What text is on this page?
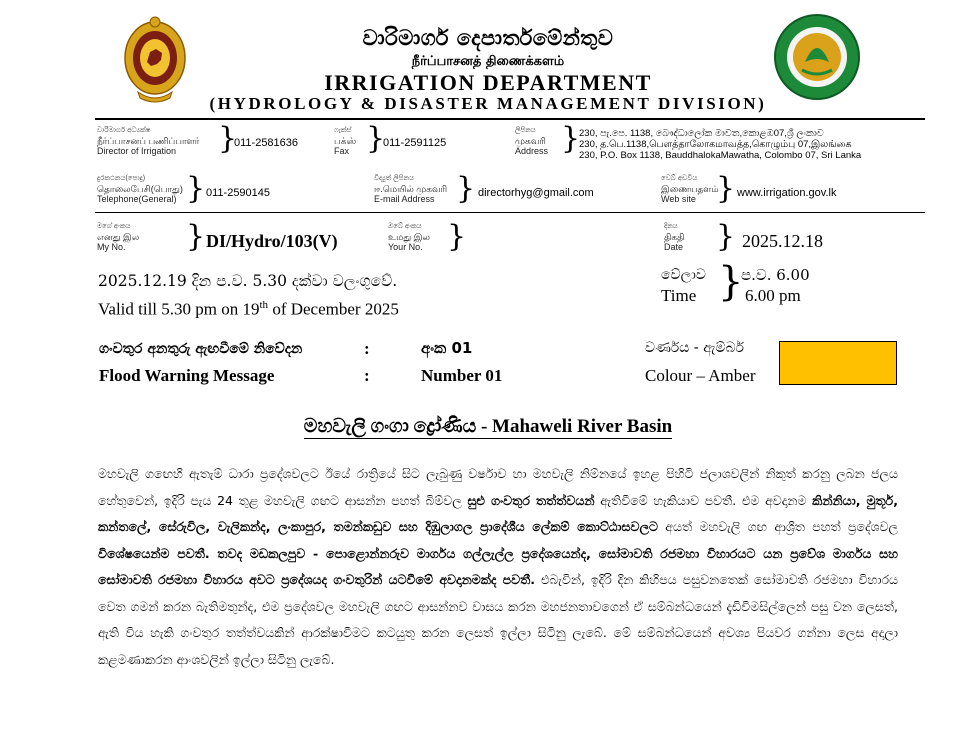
වාරිමාර්ග දෙපාර්තමේන්තුව
நீர்ப்பாசனத் திணைக்களம்
IRRIGATION DEPARTMENT
(HYDROLOGY & DISASTER MANAGEMENT DIVISION)
වාරිමාර්ග අධ්‍යක්ෂ
நீர்ப்பாசனப் பணிப்பாளர்
Director of Irrigation	}
011-2581636
ෆැක්ස්
பக்ஸ்
Fax }
011-2591125
ලිපිනය
முகவரி
Address }
230, පැ.පෙ. 1138, බෞද්ධාලෝක මාවත,කොළඹ07,ශ්‍රී ලංකාව
230, த.பெ.1138,பௌத்தாலோகமாவத்த,கொழும்பு 07,இலங்கை
230, P.O. Box 1138, BauddhalokaMawatha, Colombo 07, Sri Lanka
දුරකථනය(පොදු)
தொலைபேசி(பொது)
Telephone(General) } 011-2590145
විද්‍යුත් ලිපිනය
ஈ.மெயில் முகவரி
E-mail Address } directorhyg@gmail.com
වෙබ් අඩවිය
இணையதளம்
Web site } www.irrigation.gov.lk
මගේ අංකය
எனது இல
My No.	} DI/Hydro/103(V)
ඔබේ අංකය
உமது இல
Your No. }	දිනය
திகதி
Date } 2025.12.18
2025.12.19 දින ප.ව. 5.30 දක්වා වලංගුවේ.
Valid till 5.30 pm on 19th of December 2025
වේලාව
Time }
ප.ව. 6.00
6.00 pm
ගංවතුර අනතුරු ඇඟවීමේ නිවේදන	:	අංක 01	වර්ණය - ඇම්බර්
Flood Warning Message	:	Number 01	Colour – Amber
මහවැලි ගංගා ද්‍රෝණිය - Mahaweli River Basin
මහවැලි ගඟෙහි ඇතැම් ධාරා ප්‍රදේශවලට ඊයේ රාත්‍රියේ සිට ලැබුණු වර්ෂාව හා මහවැලි නිම්නයේ ඉහළ පිහිටි ජලාශවලින් නිකුත් කරනු ලබන ජලය හේතුවෙන්, ඉදිරි පැය 24 තුළ මහවැලි ගඟට ආසන්න පහත් බිම්වල සුළු ගංවතුර තත්ත්වයන් ඇතිවීමේ හැකියාව පවතී. එම අවදානම කින්නියා, මුතූර්, කන්තලේ, සේරුවිල, වැලිකන්ද, ලංකාපුර, තමන්කඩුව සහ දිඹුලාගල ප්‍රාදේශීය ලේකම් කොට්ඨාසවලට අයත් මහවැලි ගඟ ආශ්‍රිත පහත් ප්‍රදේශවල විශේෂයෙන්ම පවතී. තවද මඩකලපුව - පොළොන්නරුව මාර්ගය ගල්ලැල්ල ප්‍රදේශයෙන්ද, සෝමාවති රජමහා විහාරයට යන ප්‍රවේශ මාර්ගය සහ සෝමාවති රජමහා විහාරය අවට ප්‍රදේශයද ගංවතුරින් යටවීමේ අවදානමක්ද පවතී. එබැවින්, ඉදිරි දින කිහිපය පසුවනතෙක් සෝමාවති රජමහා විහාරය වෙත ගමන් කරන බැතිමතුන්ද, එම ප්‍රදේශවල මහවැලි ගඟට ආසන්නව වාසය කරන මහජනතාවගෙන් ඒ සම්බන්ධයෙන් දැඩිවිමසිල්ලෙන් පසු වන ලෙසත්, ඇති විය හැකි ගංවතුර තත්ත්වයකින් ආරක්ෂාවීමට කටයුතු කරන ලෙසත් ඉල්ලා සිටිනු ලැබේ. මේ සම්බන්ධයෙන් අවශ්‍ය පියවර ගන්නා ලෙස අදාලා කළමණාකරන ආංශවලින් ඉල්ලා සිටිනු ලැබේ.
